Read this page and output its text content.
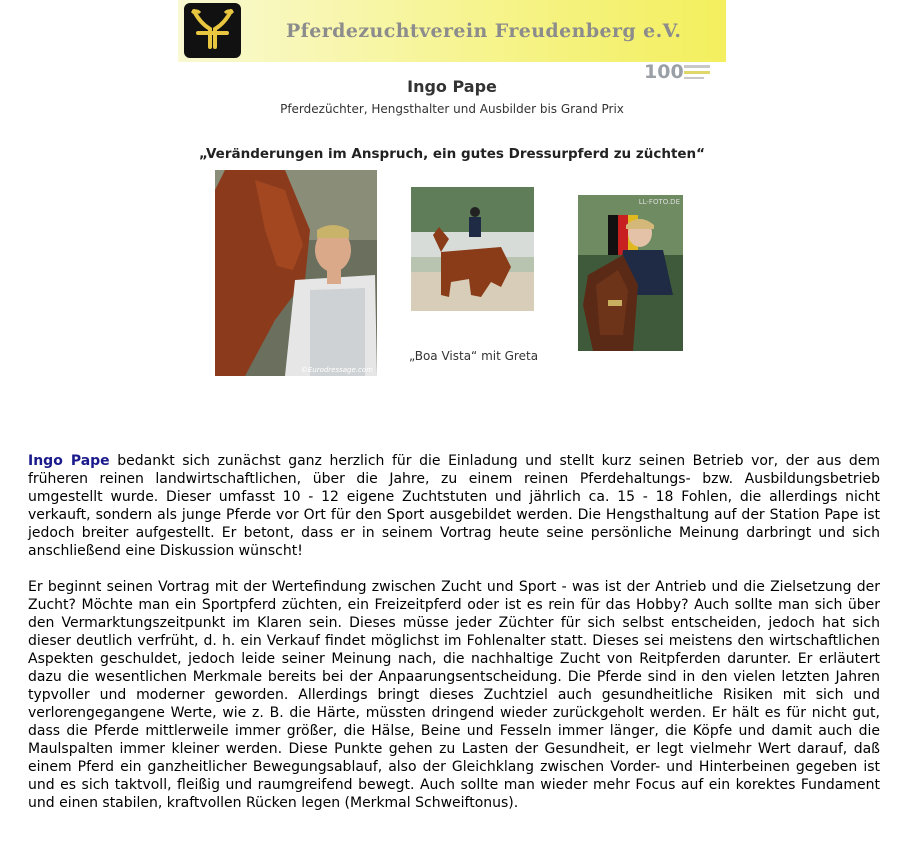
Pferdezuchtverein Freudenberg e.V.
100
Ingo Pape
Pferdezüchter, Hengsthalter und Ausbilder bis Grand Prix
„Veränderungen im Anspruch, ein gutes Dressurpferd zu züchten“
©Eurodressage.com
LL-FOTO.DE
„Boa Vista“ mit Greta

Ingo Pape bedankt sich zunächst ganz herzlich für die Einladung und stellt kurz seinen Betrieb vor, der aus dem früheren reinen landwirtschaftlichen, über die Jahre, zu einem reinen Pferdehaltungs- bzw. Ausbildungsbetrieb umgestellt wurde. Dieser umfasst 10 - 12 eigene Zuchtstuten und jährlich ca. 15 - 18 Fohlen, die allerdings nicht verkauft, sondern als junge Pferde vor Ort für den Sport ausgebildet werden. Die Hengsthaltung auf der Station Pape ist jedoch breiter aufgestellt. Er betont, dass er in seinem Vortrag heute seine persönliche Meinung darbringt und sich anschließend eine Diskussion wünscht!

Er beginnt seinen Vortrag mit der Wertefindung zwischen Zucht und Sport - was ist der Antrieb und die Zielsetzung der Zucht? Möchte man ein Sportpferd züchten, ein Freizeitpferd oder ist es rein für das Hobby? Auch sollte man sich über den Vermarktungszeitpunkt im Klaren sein. Dieses müsse jeder Züchter für sich selbst entscheiden, jedoch hat sich dieser deutlich verfrüht, d. h. ein Verkauf findet möglichst im Fohlenalter statt. Dieses sei meistens den wirtschaftlichen Aspekten geschuldet, jedoch leide seiner Meinung nach, die nachhaltige Zucht von Reitpferden darunter. Er erläutert dazu die wesentlichen Merkmale bereits bei der Anpaarungsentscheidung. Die Pferde sind in den vielen letzten Jahren typvoller und moderner geworden. Allerdings bringt dieses Zuchtziel auch gesundheitliche Risiken mit sich und verlorengegangene Werte, wie z. B. die Härte, müssten dringend wieder zurückgeholt werden. Er hält es für nicht gut, dass die Pferde mittlerweile immer größer, die Hälse, Beine und Fesseln immer länger, die Köpfe und damit auch die Maulspalten immer kleiner werden. Diese Punkte gehen zu Lasten der Gesundheit, er legt vielmehr Wert darauf, daß einem Pferd ein ganzheitlicher Bewegungsablauf, also der Gleichklang zwischen Vorder- und Hinterbeinen gegeben ist und es sich taktvoll, fleißig und raumgreifend bewegt. Auch sollte man wieder mehr Focus auf ein korektes Fundament und einen stabilen, kraftvollen Rücken legen (Merkmal Schweiftonus).
